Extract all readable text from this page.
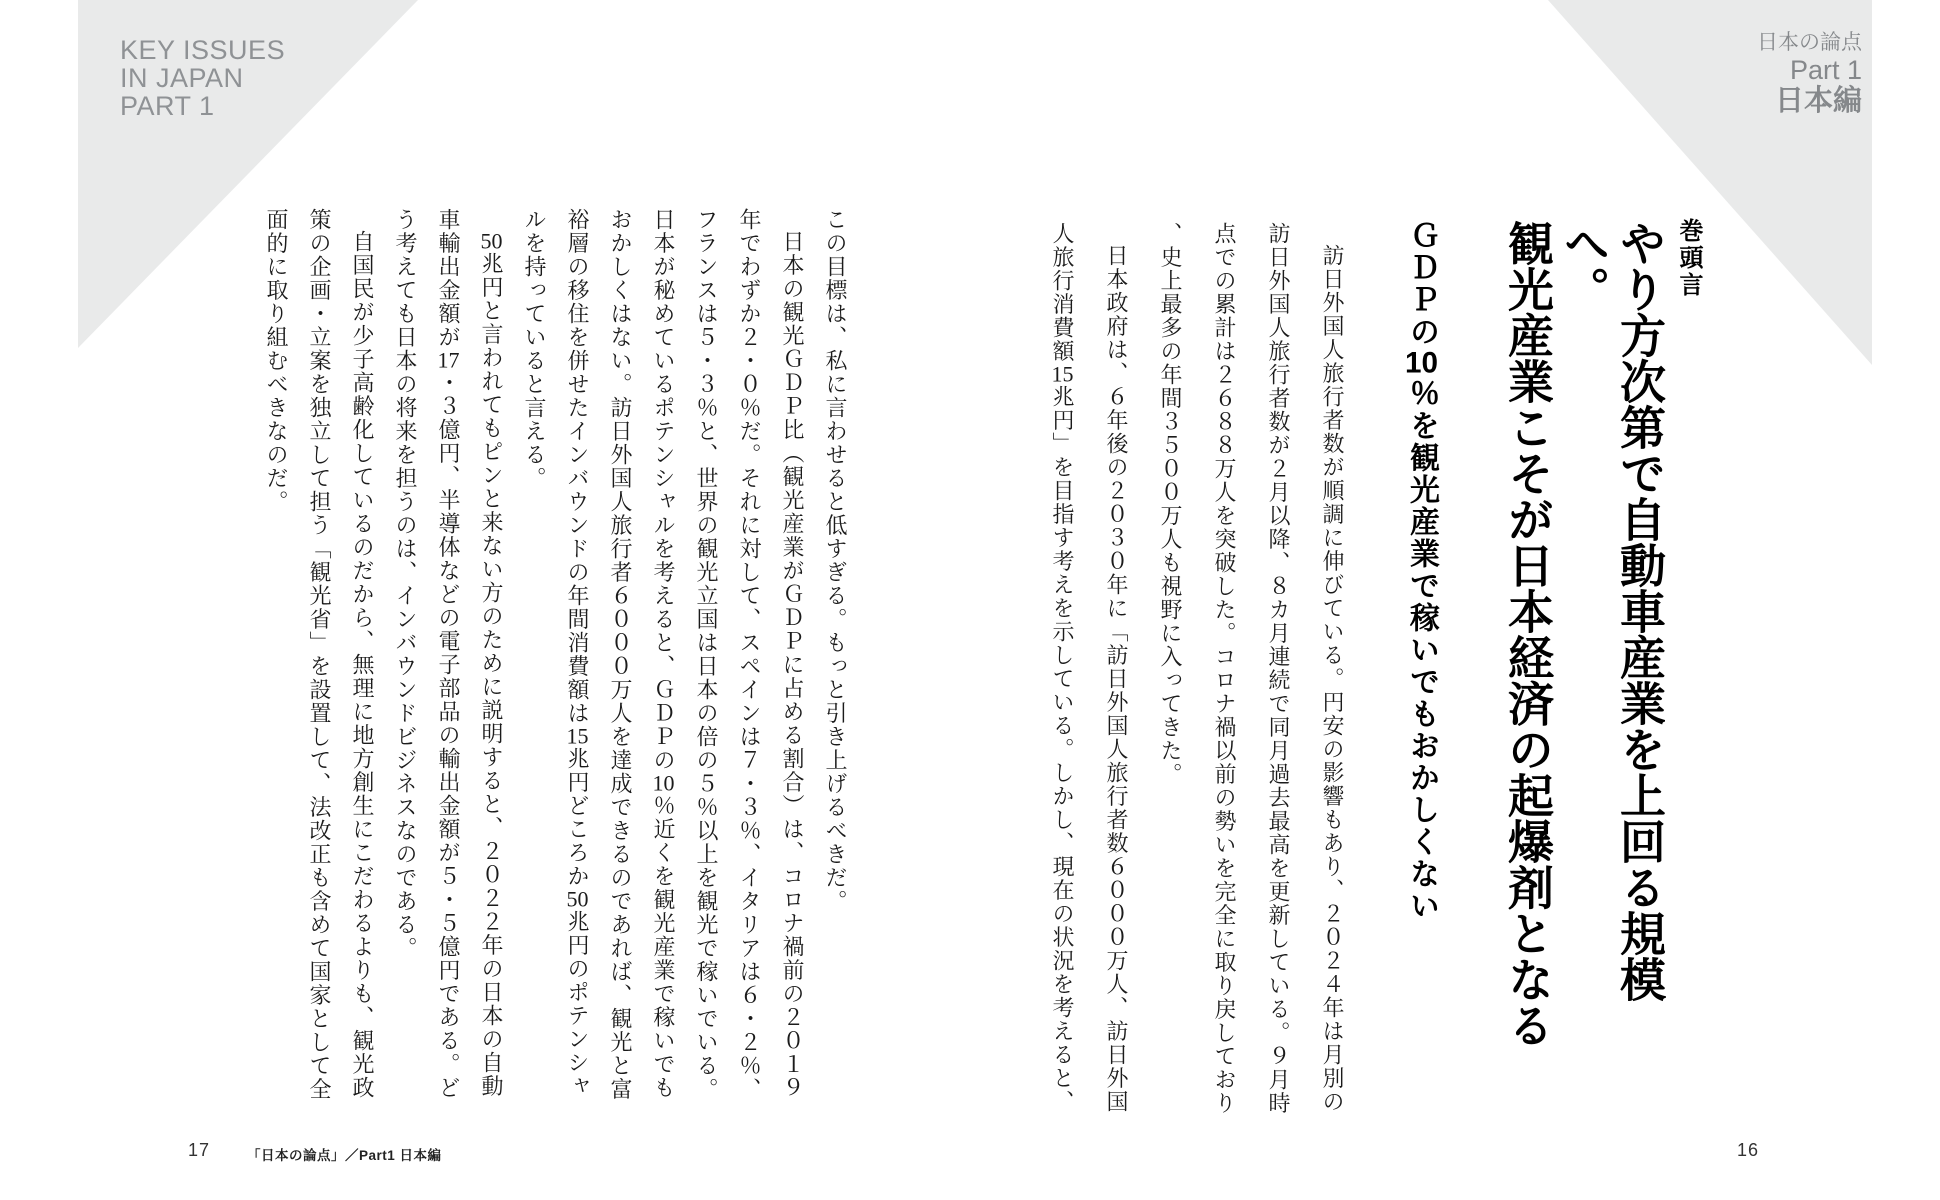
KEY ISSUES
IN JAPAN
PART 1
日本の論点
Part 1
日本編
巻頭言

やり方次第で自動車産業を上回る規模へ。

観光産業こそが日本経済の起爆剤となる

ＧＤＰの10％を観光産業で稼いでもおかしくない

訪日外国人旅行者数が順調に伸びている。円安の影響もあり、２０２４年は月別の訪日外国人旅行者数が２月以降、８カ月連続で同月過去最高を更新している。９月時点での累計は２６８８万人を突破した。コロナ禍以前の勢いを完全に取り戻しており、史上最多の年間３５００万人も視野に入ってきた。

日本政府は、６年後の２０３０年に「訪日外国人旅行者数６０００万人、訪日外国人旅行消費額15兆円」を目指す考えを示している。しかし、現在の状況を考えると、

この目標は、私に言わせると低すぎる。もっと引き上げるべきだ。

日本の観光ＧＤＰ比（観光産業がＧＤＰに占める割合）は、コロナ禍前の２０１９年でわずか２・０％だ。それに対して、スペインは７・３％、イタリアは６・２％、フランスは５・３％と、世界の観光立国は日本の倍の５％以上を観光で稼いでいる。日本が秘めているポテンシャルを考えると、ＧＤＰの10％近くを観光産業で稼いでもおかしくはない。訪日外国人旅行者６０００万人を達成できるのであれば、観光と富裕層の移住を併せたインバウンドの年間消費額は15兆円どころか50兆円のポテンシャルを持っていると言える。

50兆円と言われてもピンと来ない方のために説明すると、２０２２年の日本の自動車輸出金額が17・３億円、半導体などの電子部品の輸出金額が５・５億円である。どう考えても日本の将来を担うのは、インバウンドビジネスなのである。

自国民が少子高齢化しているのだから、無理に地方創生にこだわるよりも、観光政策の企画・立案を独立して担う「観光省」を設置して、法改正も含めて国家として全面的に取り組むべきなのだ。

17	「日本の論点」／Part1 日本編	16
